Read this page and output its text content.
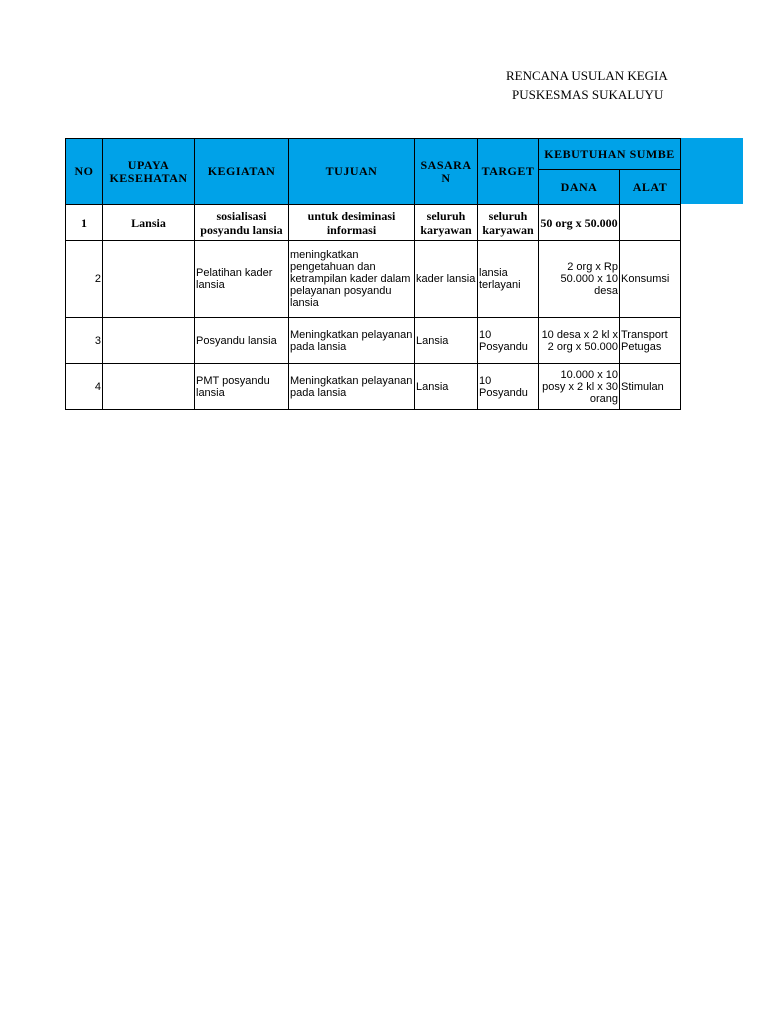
RENCANA USULAN KEGIA
PUSKESMAS SUKALUYU
NO	UPAYA KESEHATAN	KEGIATAN	TUJUAN	SASARA N	TARGET	KEBUTUHAN SUMBE	
						DANA	ALAT
1	Lansia	sosialisasi posyandu lansia	untuk desiminasi informasi	seluruh karyawan	seluruh karyawan	50 org x 50.000	
2		Pelatihan kader lansia	meningkatkan pengetahuan dan ketrampilan kader dalam pelayanan posyandu lansia	kader lansia	lansia terlayani	2 org x Rp 50.000 x 10 desa	Konsumsi
3		Posyandu lansia	Meningkatkan pelayanan pada lansia	Lansia	10 Posyandu	10 desa x 2 kl x 2 org x 50.000	Transport Petugas
4		PMT posyandu lansia	Meningkatkan pelayanan pada lansia	Lansia	10 Posyandu	10.000 x 10 posy x 2 kl x 30 orang	Stimulan
